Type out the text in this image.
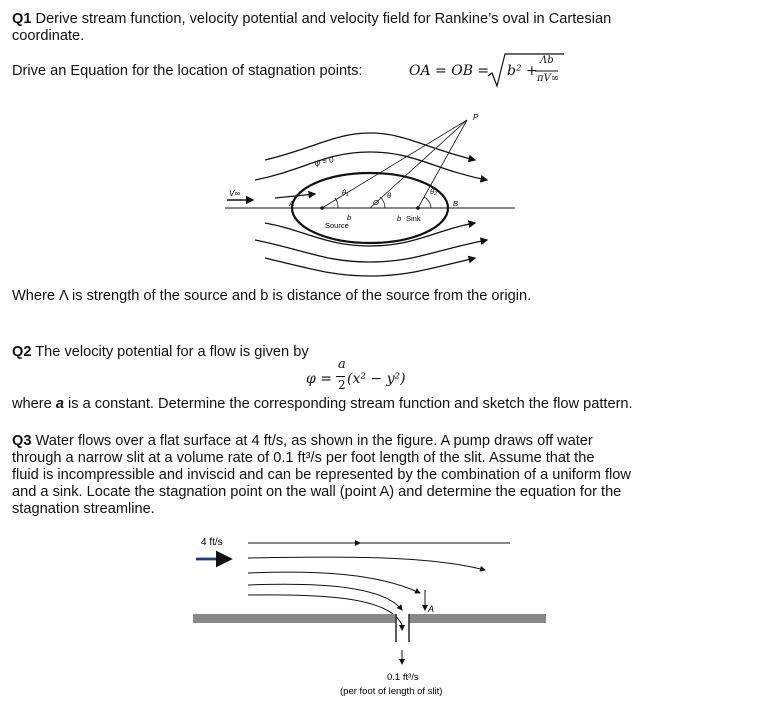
Q1 Derive stream function, velocity potential and velocity field for Rankine’s oval in Cartesian
coordinate.
Drive an Equation for the location of stagnation points:	OA = OB = b² +
Λb
πV∞
V∞
ψ = 0
θ₁	θ	θ₂
O
P
A	B
b
Source
b Sink
Where Λ is strength of the source and b is distance of the source from the origin.
Q2 The velocity potential for a flow is given by
a
φ = 2 (x² − y²)
where a is a constant. Determine the corresponding stream function and sketch the flow pattern.
Q3 Water flows over a flat surface at 4 ft/s, as shown in the figure. A pump draws off water
through a narrow slit at a volume rate of 0.1 ft³/s per foot length of the slit. Assume that the
fluid is incompressible and inviscid and can be represented by the combination of a uniform flow
and a sink. Locate the stagnation point on the wall (point A) and determine the equation for the
stagnation streamline.
4 ft/s
A
0.1 ft³/s
(per foot of length of slit)
